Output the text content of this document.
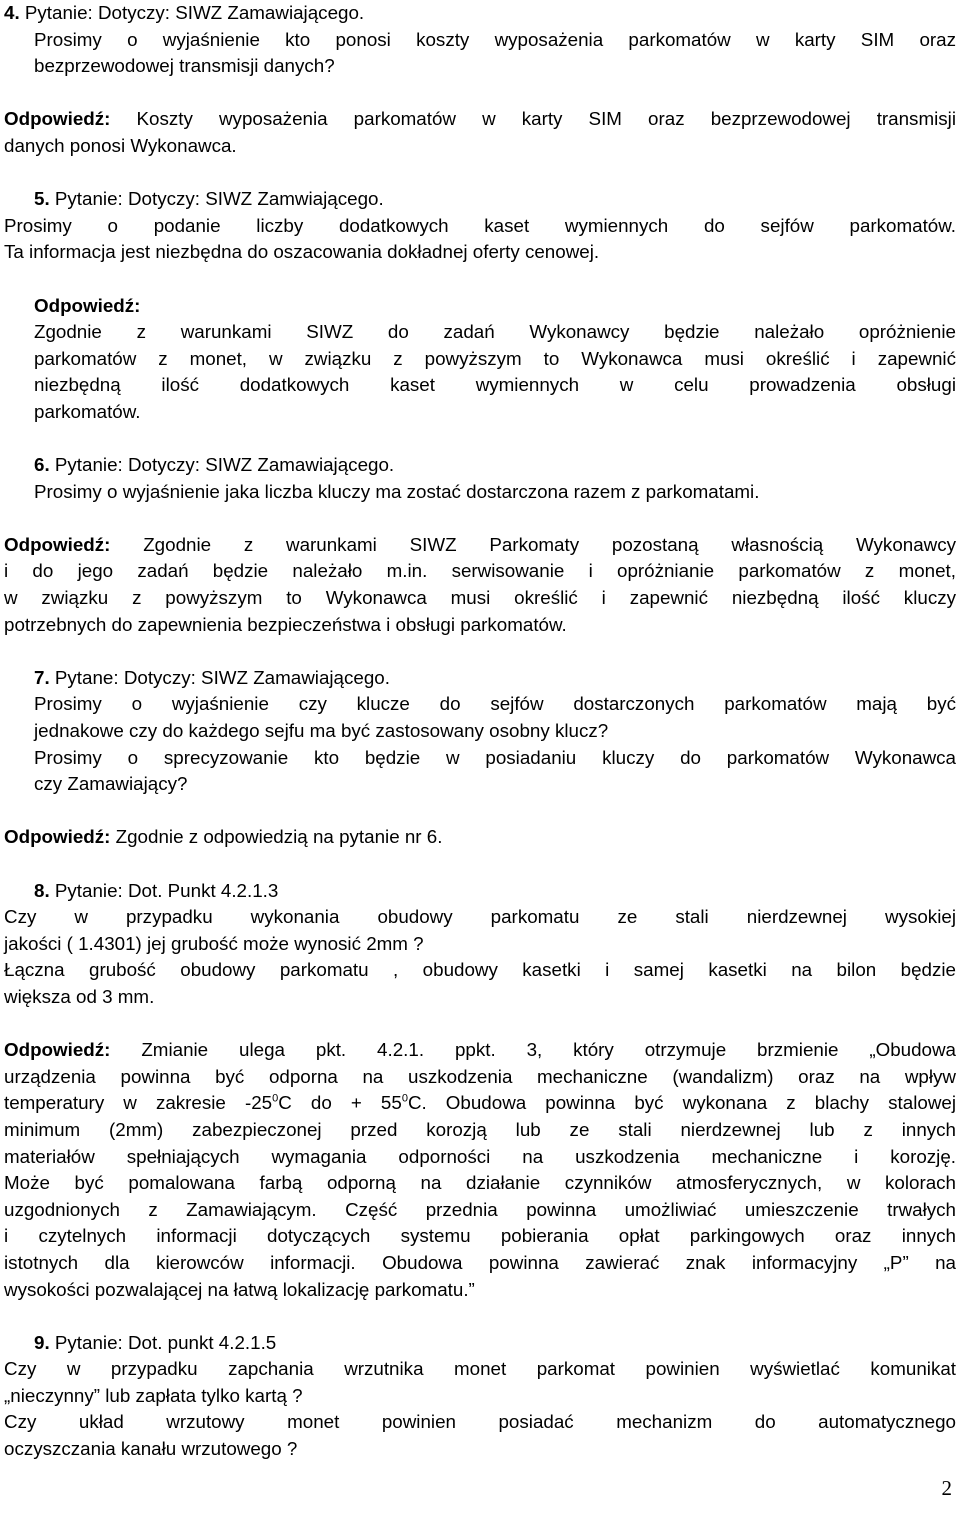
4. Pytanie: Dotyczy: SIWZ Zamawiającego.
Prosimy o wyjaśnienie kto ponosi koszty wyposażenia parkomatów w karty SIM oraz
bezprzewodowej transmisji danych?
Odpowiedź: Koszty wyposażenia parkomatów w karty SIM oraz bezprzewodowej transmisji
danych ponosi Wykonawca.
5. Pytanie: Dotyczy: SIWZ Zamwiającego.
Prosimy o podanie liczby dodatkowych kaset wymiennych do sejfów parkomatów.
Ta informacja jest niezbędna do oszacowania dokładnej oferty cenowej.
Odpowiedź:
Zgodnie z warunkami SIWZ do zadań Wykonawcy będzie należało opróżnienie
parkomatów z monet, w związku z powyższym to Wykonawca musi określić i zapewnić
niezbędną ilość dodatkowych kaset wymiennych w celu prowadzenia obsługi
parkomatów.
6. Pytanie: Dotyczy: SIWZ Zamawiającego.
Prosimy o wyjaśnienie jaka liczba kluczy ma zostać dostarczona razem z parkomatami.
Odpowiedź: Zgodnie z warunkami SIWZ Parkomaty pozostaną własnością Wykonawcy
i do jego zadań będzie należało m.in. serwisowanie i opróżnianie parkomatów z monet,
w związku z powyższym to Wykonawca musi określić i zapewnić niezbędną ilość kluczy
potrzebnych do zapewnienia bezpieczeństwa i obsługi parkomatów.
7. Pytane: Dotyczy: SIWZ Zamawiającego.
Prosimy o wyjaśnienie czy klucze do sejfów dostarczonych parkomatów mają być
jednakowe czy do każdego sejfu ma być zastosowany osobny klucz?
Prosimy o sprecyzowanie kto będzie w posiadaniu kluczy do parkomatów Wykonawca
czy Zamawiający?
Odpowiedź: Zgodnie z odpowiedzią na pytanie nr 6.
8. Pytanie: Dot. Punkt 4.2.1.3
Czy w przypadku wykonania obudowy parkomatu ze stali nierdzewnej wysokiej
jakości ( 1.4301) jej grubość może wynosić 2mm ?
Łączna grubość obudowy parkomatu , obudowy kasetki i samej kasetki na bilon będzie
większa od 3 mm.
Odpowiedź: Zmianie ulega pkt. 4.2.1. ppkt. 3, który otrzymuje brzmienie „Obudowa
urządzenia powinna być odporna na uszkodzenia mechaniczne (wandalizm) oraz na wpływ
temperatury w zakresie $-25^0C$ do + $55^0C$. Obudowa powinna być wykonana z blachy stalowej
minimum (2mm) zabezpieczonej przed korozją lub ze stali nierdzewnej lub z innych
materiałów spełniających wymagania odporności na uszkodzenia mechaniczne i korozję.
Może być pomalowana farbą odporną na działanie czynników atmosferycznych, w kolorach
uzgodnionych z Zamawiającym. Część przednia powinna umożliwiać umieszczenie trwałych
i czytelnych informacji dotyczących systemu pobierania opłat parkingowych oraz innych
istotnych dla kierowców informacji. Obudowa powinna zawierać znak informacyjny „P” na
wysokości pozwalającej na łatwą lokalizację parkomatu.”
9. Pytanie: Dot. punkt 4.2.1.5
Czy w przypadku zapchania wrzutnika monet parkomat powinien wyświetlać komunikat
„nieczynny” lub zapłata tylko kartą ?
Czy układ wrzutowy monet powinien posiadać mechanizm do automatycznego
oczyszczania kanału wrzutowego ?
2
